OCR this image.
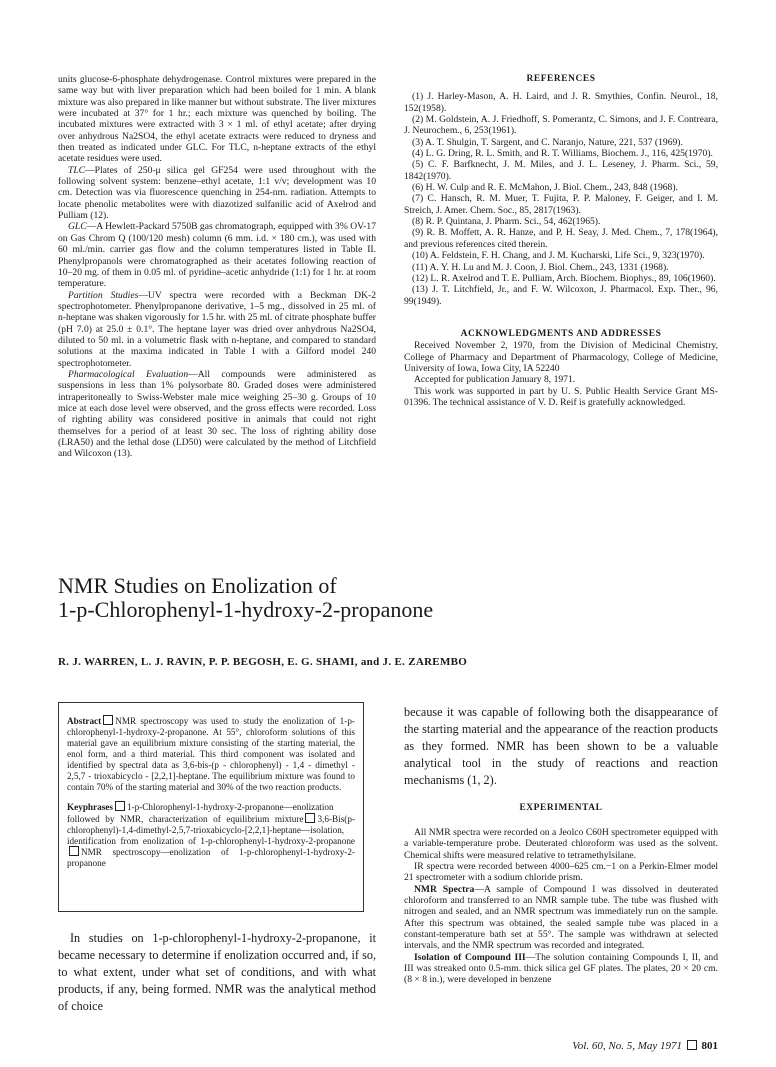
units glucose-6-phosphate dehydrogenase. Control mixtures were prepared in the same way but with liver preparation which had been boiled for 1 min. A blank mixture was also prepared in like manner but without substrate. The liver mixtures were incubated at 37° for 1 hr.; each mixture was quenched by boiling. The incubated mixtures were extracted with 3 × 1 ml. of ethyl acetate; after drying over anhydrous Na2SO4, the ethyl acetate extracts were reduced to dryness and then treated as indicated under GLC. For TLC, n-heptane extracts of the ethyl acetate residues were used.

TLC—Plates of 250-μ silica gel GF254 were used throughout with the following solvent system: benzene–ethyl acetate, 1:1 v/v; development was 10 cm. Detection was via fluorescence quenching in 254-nm. radiation. Attempts to locate phenolic metabolites were with diazotized sulfanilic acid of Axelrod and Pulliam (12).

GLC—A Hewlett-Packard 5750B gas chromatograph, equipped with 3% OV-17 on Gas Chrom Q (100/120 mesh) column (6 mm. i.d. × 180 cm.), was used with 60 ml./min. carrier gas flow and the column temperatures listed in Table II. Phenylpropanols were chromatographed as their acetates following reaction of 10–20 mg. of them in 0.05 ml. of pyridine–acetic anhydride (1:1) for 1 hr. at room temperature.

Partition Studies—UV spectra were recorded with a Beckman DK-2 spectrophotometer. Phenylpropanone derivative, 1–5 mg., dissolved in 25 ml. of n-heptane was shaken vigorously for 1.5 hr. with 25 ml. of citrate phosphate buffer (pH 7.0) at 25.0 ± 0.1°. The heptane layer was dried over anhydrous Na2SO4, diluted to 50 ml. in a volumetric flask with n-heptane, and compared to standard solutions at the maxima indicated in Table I with a Gilford model 240 spectrophotometer.

Pharmacological Evaluation—All compounds were administered as suspensions in less than 1% polysorbate 80. Graded doses were administered intraperitoneally to Swiss-Webster male mice weighing 25–30 g. Groups of 10 mice at each dose level were observed, and the gross effects were recorded. Loss of righting ability was considered positive in animals that could not right themselves for a period of at least 30 sec. The loss of righting ability dose (LRA50) and the lethal dose (LD50) were calculated by the method of Litchfield and Wilcoxon (13).

REFERENCES

(1) J. Harley-Mason, A. H. Laird, and J. R. Smythies, Confin. Neurol., 18, 152(1958).

(2) M. Goldstein, A. J. Friedhoff, S. Pomerantz, C. Simons, and J. F. Contreara, J. Neurochem., 6, 253(1961).

(3) A. T. Shulgin, T. Sargent, and C. Naranjo, Nature, 221, 537 (1969).

(4) L. G. Dring, R. L. Smith, and R. T. Williams, Biochem. J., 116, 425(1970).

(5) C. F. Barfknecht, J. M. Miles, and J. L. Leseney, J. Pharm. Sci., 59, 1842(1970).

(6) H. W. Culp and R. E. McMahon, J. Biol. Chem., 243, 848 (1968).

(7) C. Hansch, R. M. Muer, T. Fujita, P. P. Maloney, F. Geiger, and I. M. Streich, J. Amer. Chem. Soc., 85, 2817(1963).

(8) R. P. Quintana, J. Pharm. Sci., 54, 462(1965).

(9) R. B. Moffett, A. R. Hanze, and P. H. Seay, J. Med. Chem., 7, 178(1964), and previous references cited therein.

(10) A. Feldstein, F. H. Chang, and J. M. Kucharski, Life Sci., 9, 323(1970).

(11) A. Y. H. Lu and M. J. Coon, J. Biol. Chem., 243, 1331 (1968).

(12) L. R. Axelrod and T. E. Pulliam, Arch. Biochem. Biophys., 89, 106(1960).

(13) J. T. Litchfield, Jr., and F. W. Wilcoxon, J. Pharmacol. Exp. Ther., 96, 99(1949).

ACKNOWLEDGMENTS AND ADDRESSES

Received November 2, 1970, from the Division of Medicinal Chemistry, College of Pharmacy and Department of Pharmacology, College of Medicine, University of Iowa, Iowa City, IA 52240

Accepted for publication January 8, 1971.

This work was supported in part by U. S. Public Health Service Grant MS-01396. The technical assistance of V. D. Reif is gratefully acknowledged.

NMR Studies on Enolization of

1-p-Chlorophenyl-1-hydroxy-2-propanone

R. J. WARREN, L. J. RAVIN, P. P. BEGOSH, E. G. SHAMI, and J. E. ZAREMBO

Abstract NMR spectroscopy was used to study the enolization of 1-p-chlorophenyl-1-hydroxy-2-propanone. At 55°, chloroform solutions of this material gave an equilibrium mixture consisting of the starting material, the enol form, and a third material. This third component was isolated and identified by spectral data as 3,6-bis-(p - chlorophenyl) - 1,4 - dimethyl - 2,5,7 - trioxabicyclo - [2,2,1]-heptane. The equilibrium mixture was found to contain 70% of the starting material and 30% of the two reaction products.

Keyphrases 1-p-Chlorophenyl-1-hydroxy-2-propanone—enolization followed by NMR, characterization of equilibrium mixture 3,6-Bis(p-chlorophenyl)-1,4-dimethyl-2,5,7-trioxabicyclo-[2,2,1]-heptane—isolation, identification from enolization of 1-p-chlorophenyl-1-hydroxy-2-propanoneNMR spectroscopy—enolization of 1-p-chlorophenyl-1-hydroxy-2-propanone

In studies on 1-p-chlorophenyl-1-hydroxy-2-propanone, it became necessary to determine if enolization occurred and, if so, to what extent, under what set of conditions, and with what products, if any, being formed. NMR was the analytical method of choice

because it was capable of following both the disappearance of the starting material and the appearance of the reaction products as they formed. NMR has been shown to be a valuable analytical tool in the study of reactions and reaction mechanisms (1, 2).

EXPERIMENTAL

All NMR spectra were recorded on a Jeolco C60H spectrometer equipped with a variable-temperature probe. Deuterated chloroform was used as the solvent. Chemical shifts were measured relative to tetramethylsilane.

IR spectra were recorded between 4000–625 cm.−1 on a Perkin-Elmer model 21 spectrometer with a sodium chloride prism.

NMR Spectra—A sample of Compound I was dissolved in deuterated chloroform and transferred to an NMR sample tube. The tube was flushed with nitrogen and sealed, and an NMR spectrum was immediately run on the sample. After this spectrum was obtained, the sealed sample tube was placed in a constant-temperature bath set at 55°. The sample was withdrawn at selected intervals, and the NMR spectrum was recorded and integrated.

Isolation of Compound III—The solution containing Compounds I, II, and III was streaked onto 0.5-mm. thick silica gel GF plates. The plates, 20 × 20 cm. (8 × 8 in.), were developed in benzene

Vol. 60, No. 5, May 1971 801
